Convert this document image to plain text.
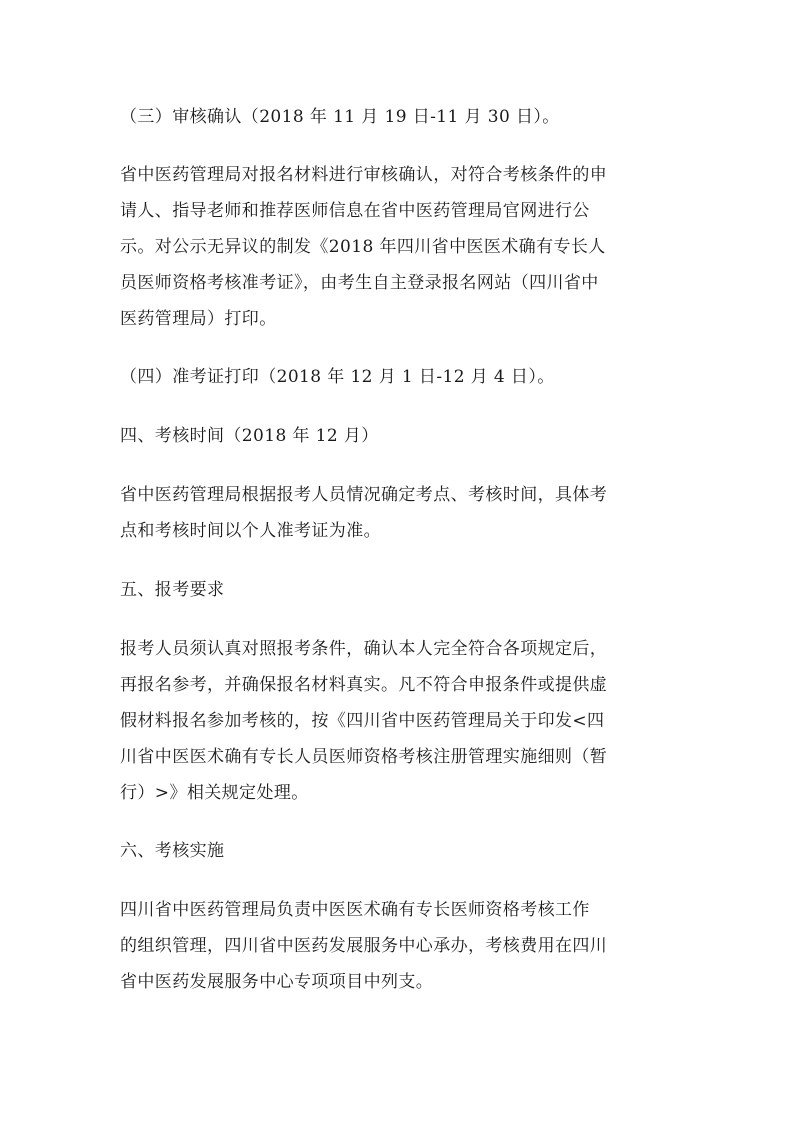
（三）审核确认（2018 年 11 月 19 日-11 月 30 日）。
省中医药管理局对报名材料进行审核确认，对符合考核条件的申
请人、指导老师和推荐医师信息在省中医药管理局官网进行公
示。对公示无异议的制发《2018 年四川省中医医术确有专长人
员医师资格考核准考证》，由考生自主登录报名网站（四川省中
医药管理局）打印。
（四）准考证打印（2018 年 12 月 1 日-12 月 4 日）。
四、考核时间（2018 年 12 月）
省中医药管理局根据报考人员情况确定考点、考核时间，具体考
点和考核时间以个人准考证为准。
五、报考要求
报考人员须认真对照报考条件，确认本人完全符合各项规定后，
再报名参考，并确保报名材料真实。凡不符合申报条件或提供虚
假材料报名参加考核的，按《四川省中医药管理局关于印发<四
川省中医医术确有专长人员医师资格考核注册管理实施细则（暂
行）>》相关规定处理。
六、考核实施
四川省中医药管理局负责中医医术确有专长医师资格考核工作
的组织管理，四川省中医药发展服务中心承办，考核费用在四川
省中医药发展服务中心专项项目中列支。
